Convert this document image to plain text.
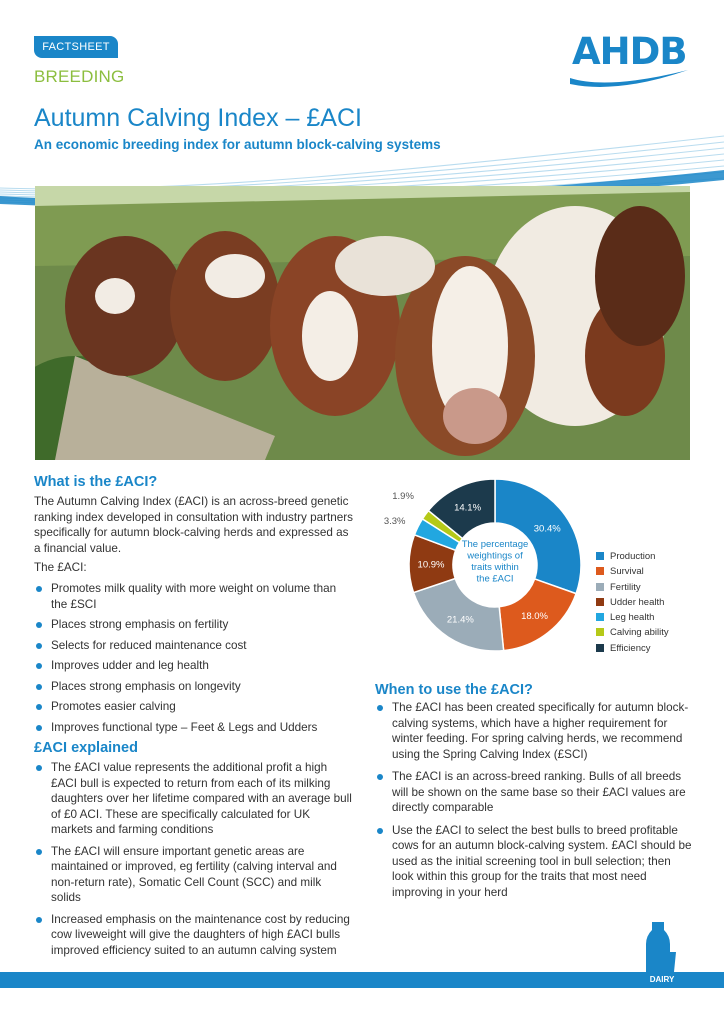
FACTSHEET
BREEDING
AHDB
Autumn Calving Index – £ACI
An economic breeding index for autumn block-calving systems
What is the £ACI?
The Autumn Calving Index (£ACI) is an across-breed genetic ranking index developed in consultation with industry partners specifically for autumn block-calving herds and expressed as a financial value.
The £ACI:
Promotes milk quality with more weight on volume than the £SCI
Places strong emphasis on fertility
Selects for reduced maintenance cost
Improves udder and leg health
Places strong emphasis on longevity
Promotes easier calving
Improves functional type – Feet & Legs and Udders
£ACI explained
The £ACI value represents the additional profit a high £ACI bull is expected to return from each of its milking daughters over her lifetime compared with an average bull of £0 ACI. These are specifically calculated for UK markets and farming conditions
The £ACI will ensure important genetic areas are maintained or improved, eg fertility (calving interval and non-return rate), Somatic Cell Count (SCC) and milk solids
Increased emphasis on the maintenance cost by reducing cow liveweight will give the daughters of high £ACI bulls improved efficiency suited to an autumn calving system
30.4%
18.0%
21.4%
10.9%
3.3%
1.9%
14.1%
The percentage
weightings of
traits within
the £ACI
Production
Survival
Fertility
Udder health
Leg health
Calving ability
Efficiency
When to use the £ACI?
The £ACI has been created specifically for autumn block-calving systems, which have a higher requirement for winter feeding. For spring calving herds, we recommend using the Spring Calving Index (£SCI)
The £ACI is an across-breed ranking. Bulls of all breeds will be shown on the same base so their £ACI values are directly comparable
Use the £ACI to select the best bulls to breed profitable cows for an autumn block-calving system. £ACI should be used as the initial screening tool in bull selection; then look within this group for the traits that most need improving in your herd
DAIRY
